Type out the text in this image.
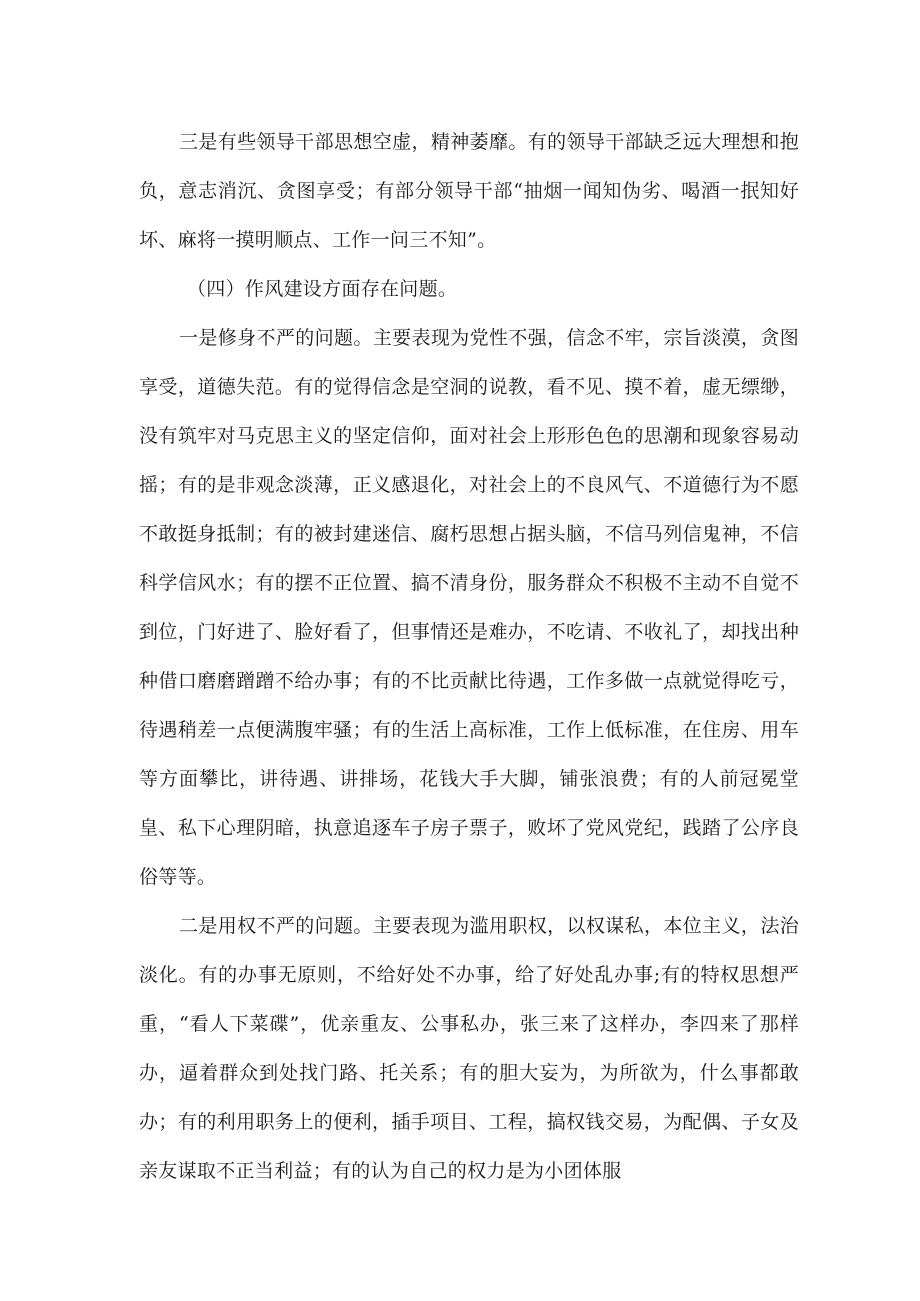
三是有些领导干部思想空虚，精神萎靡。有的领导干部缺乏远大理想和抱负，意志消沉、贪图享受；有部分领导干部“抽烟一闻知伪劣、喝酒一抿知好坏、麻将一摸明顺点、工作一问三不知”。

（四）作风建设方面存在问题。

一是修身不严的问题。主要表现为党性不强，信念不牢，宗旨淡漠，贪图享受，道德失范。有的觉得信念是空洞的说教，看不见、摸不着，虚无缥缈，没有筑牢对马克思主义的坚定信仰，面对社会上形形色色的思潮和现象容易动摇；有的是非观念淡薄，正义感退化，对社会上的不良风气、不道德行为不愿不敢挺身抵制；有的被封建迷信、腐朽思想占据头脑，不信马列信鬼神，不信科学信风水；有的摆不正位置、搞不清身份，服务群众不积极不主动不自觉不到位，门好进了、脸好看了，但事情还是难办，不吃请、不收礼了，却找出种种借口磨磨蹭蹭不给办事；有的不比贡献比待遇，工作多做一点就觉得吃亏，待遇稍差一点便满腹牢骚；有的生活上高标准，工作上低标准，在住房、用车等方面攀比，讲待遇、讲排场，花钱大手大脚，铺张浪费；有的人前冠冕堂皇、私下心理阴暗，执意追逐车子房子票子，败坏了党风党纪，践踏了公序良俗等等。

二是用权不严的问题。主要表现为滥用职权，以权谋私，本位主义，法治淡化。有的办事无原则，不给好处不办事，给了好处乱办事;有的特权思想严重，“看人下菜碟”，优亲重友、公事私办，张三来了这样办，李四来了那样办，逼着群众到处找门路、托关系；有的胆大妄为，为所欲为，什么事都敢办；有的利用职务上的便利，插手项目、工程，搞权钱交易，为配偶、子女及亲友谋取不正当利益；有的认为自己的权力是为小团体服
